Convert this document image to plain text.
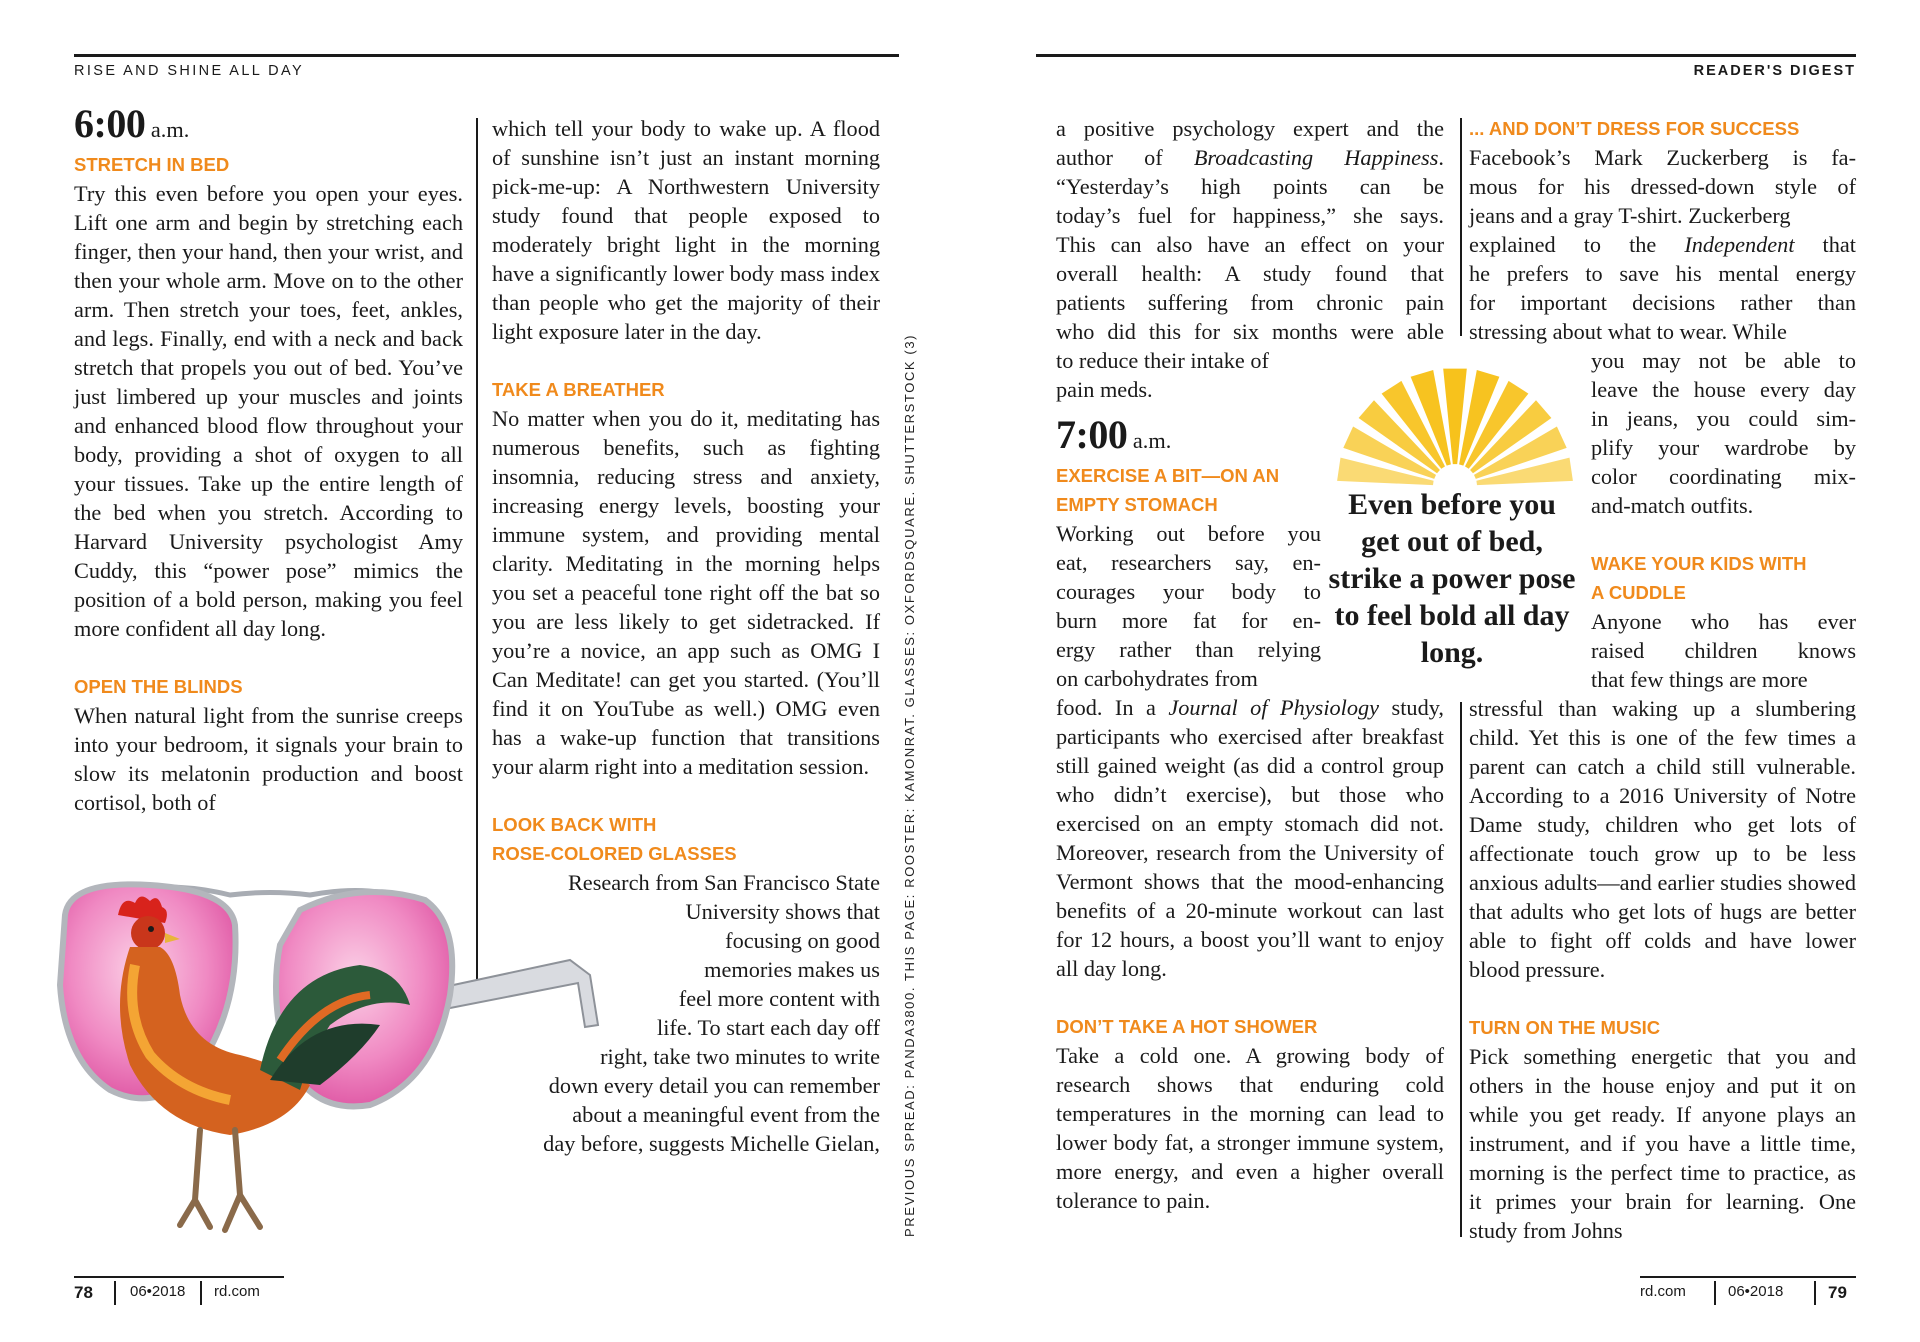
RISE AND SHINE ALL DAY	READER'S DIGEST

6:00 a.m.

STRETCH IN BED

Try this even before you open your eyes. Lift one arm and begin by stretching each finger, then your hand, then your wrist, and then your whole arm. Move on to the other arm. Then stretch your toes, feet, ankles, and legs. Finally, end with a neck and back stretch that propels you out of bed. You’ve just limbered up your muscles and joints and enhanced blood flow throughout your body, providing a shot of oxygen to all your tissues. Take up the entire length of the bed when you stretch. According to Harvard University psychologist Amy Cuddy, this “power pose” mimics the position of a bold person, making you feel more confident all day long.

OPEN THE BLINDS

When natural light from the sunrise creeps into your bedroom, it signals your brain to slow its melatonin production and boost cortisol, both of

which tell your body to wake up. A flood of sunshine isn’t just an instant morning pick-me-up: A Northwestern University study found that people exposed to moderately bright light in the morning have a significantly lower body mass index than people who get the majority of their light exposure later in the day.

TAKE A BREATHER

No matter when you do it, meditating has numerous benefits, such as fighting insomnia, reducing stress and anxiety, increasing energy levels, boosting your immune system, and providing mental clarity. Meditating in the morning helps you set a peaceful tone right off the bat so you are less likely to get sidetracked. If you’re a novice, an app such as OMG I Can Meditate! can get you started. (You’ll find it on YouTube as well.) OMG even has a wake-up function that transitions your alarm right into a meditation session.

LOOK BACK WITH
ROSE-COLORED GLASSES

Research from San Francisco State
University shows that
focusing on good
memories makes us
feel more content with
life. To start each day off
right, take two minutes to write
down every detail you can remember
about a meaningful event from the
day before, suggests Michelle Gielan, PREVIOUS SPREAD: PANDA3800. THIS PAGE: ROOSTER: KAMONRAT. GLASSES: OXFORDSQUARE. SHUTTERSTOCK (3)
a positive psychology expert and the
author of Broadcasting Happiness.
“Yesterday’s high points can be
today’s fuel for happiness,” she says.
This can also have an effect on your
overall health: A study found that
patients suffering from chronic pain
who did this for six months were able
to reduce their intake of
pain meds.

7:00 a.m.

EXERCISE A BIT—ON AN
EMPTY STOMACH

Working out before you
eat, researchers say, en-
courages your body to
burn more fat for en-
ergy rather than relying
on carbohydrates from

food. In a Journal of Physiology study,

participants who exercised after breakfast still gained weight (as did a control group who didn’t exercise), but those who exercised on an empty stomach did not. Moreover, research from the University of Vermont shows that the mood-enhancing benefits of a 20-minute workout can last for 12 hours, a boost you’ll want to enjoy all day long.

DON’T TAKE A HOT SHOWER

Take a cold one. A growing body of research shows that enduring cold temperatures in the morning can lead to lower body fat, a stronger immune system, more energy, and even a higher overall tolerance to pain.

Even before you get out of bed, strike a power pose to feel bold all day long.

... AND DON’T DRESS FOR SUCCESS

Facebook’s Mark Zuckerberg is fa-
mous for his dressed-down style of
jeans and a gray T-shirt. Zuckerberg

explained to the Independent that

he prefers to save his mental energy
for important decisions rather than
stressing about what to wear. While
you may not be able to
leave the house every day
in jeans, you could sim-
plify your wardrobe by
color coordinating mix-
and-match outfits.

WAKE YOUR KIDS WITH
A CUDDLE

Anyone who has ever
raised children knows
that few things are more

stressful than waking up a slumbering child. Yet this is one of the few times a parent can catch a child still vulnerable. According to a 2016 University of Notre Dame study, children who get lots of affectionate touch grow up to be less anxious adults—and earlier studies showed that adults who get lots of hugs are better able to fight off colds and have lower blood pressure.

TURN ON THE MUSIC

Pick something energetic that you and others in the house enjoy and put it on while you get ready. If anyone plays an instrument, and if you have a little time, morning is the perfect time to practice, as it primes your brain for learning. One study from Johns

78 06•2018 rd.com	rd.com	06•2018	79
